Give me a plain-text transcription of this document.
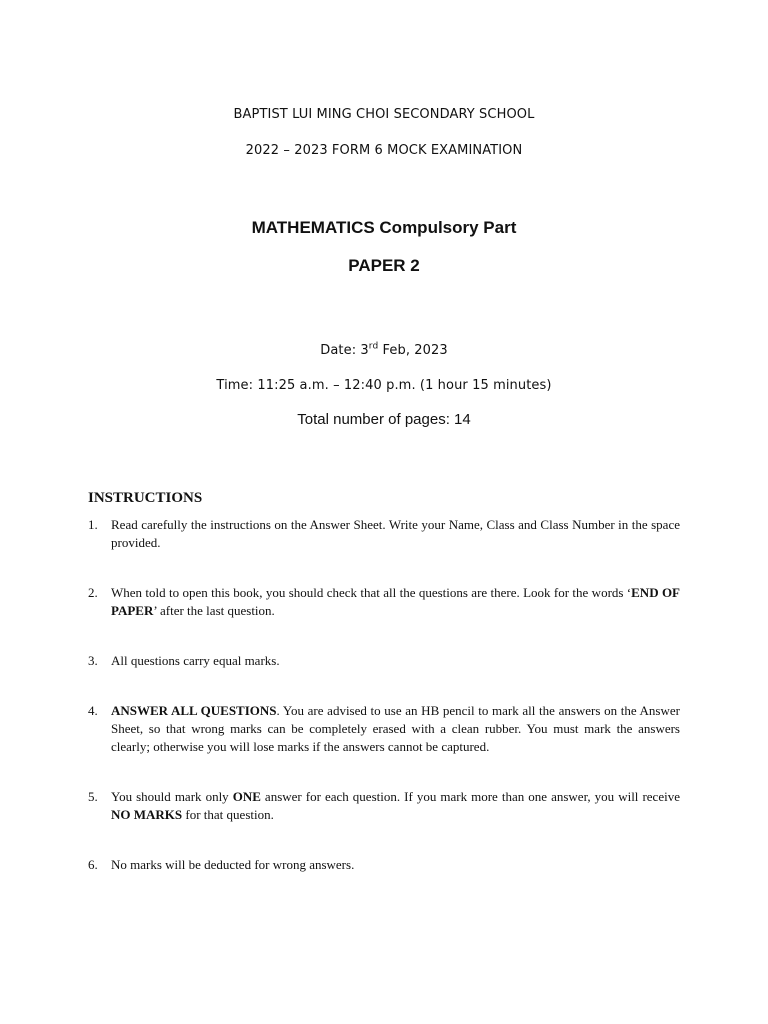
BAPTIST LUI MING CHOI SECONDARY SCHOOL
2022 – 2023 FORM 6 MOCK EXAMINATION
MATHEMATICS Compulsory Part
PAPER 2
Date: 3rd Feb, 2023
Time: 11:25 a.m. – 12:40 p.m. (1 hour 15 minutes)
Total number of pages: 14
INSTRUCTIONS
1.	Read carefully the instructions on the Answer Sheet. Write your Name, Class and Class Number in the space provided.
2.	When told to open this book, you should check that all the questions are there. Look for the words ‘END OF PAPER’ after the last question.
3.	All questions carry equal marks.
4.	ANSWER ALL QUESTIONS. You are advised to use an HB pencil to mark all the answers on the Answer Sheet, so that wrong marks can be completely erased with a clean rubber. You must mark the answers clearly; otherwise you will lose marks if the answers cannot be captured.
5.	You should mark only ONE answer for each question. If you mark more than one answer, you will receive NO MARKS for that question.
6.	No marks will be deducted for wrong answers.
